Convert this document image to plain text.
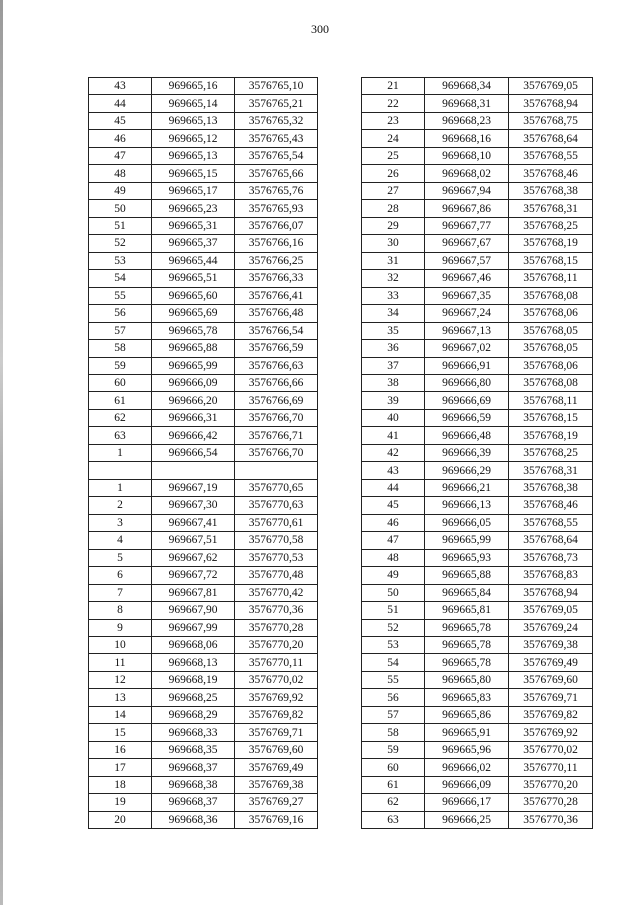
300
43	969665,16	3576765,10
44	969665,14	3576765,21
45	969665,13	3576765,32
46	969665,12	3576765,43
47	969665,13	3576765,54
48	969665,15	3576765,66
49	969665,17	3576765,76
50	969665,23	3576765,93
51	969665,31	3576766,07
52	969665,37	3576766,16
53	969665,44	3576766,25
54	969665,51	3576766,33
55	969665,60	3576766,41
56	969665,69	3576766,48
57	969665,78	3576766,54
58	969665,88	3576766,59
59	969665,99	3576766,63
60	969666,09	3576766,66
61	969666,20	3576766,69
62	969666,31	3576766,70
63	969666,42	3576766,71
1	969666,54	3576766,70

1	969667,19	3576770,65
2	969667,30	3576770,63
3	969667,41	3576770,61
4	969667,51	3576770,58
5	969667,62	3576770,53
6	969667,72	3576770,48
7	969667,81	3576770,42
8	969667,90	3576770,36
9	969667,99	3576770,28
10	969668,06	3576770,20
11	969668,13	3576770,11
12	969668,19	3576770,02
13	969668,25	3576769,92
14	969668,29	3576769,82
15	969668,33	3576769,71
16	969668,35	3576769,60
17	969668,37	3576769,49
18	969668,38	3576769,38
19	969668,37	3576769,27
20	969668,36	3576769,16
21	969668,34	3576769,05
22	969668,31	3576768,94
23	969668,23	3576768,75
24	969668,16	3576768,64
25	969668,10	3576768,55
26	969668,02	3576768,46
27	969667,94	3576768,38
28	969667,86	3576768,31
29	969667,77	3576768,25
30	969667,67	3576768,19
31	969667,57	3576768,15
32	969667,46	3576768,11
33	969667,35	3576768,08
34	969667,24	3576768,06
35	969667,13	3576768,05
36	969667,02	3576768,05
37	969666,91	3576768,06
38	969666,80	3576768,08
39	969666,69	3576768,11
40	969666,59	3576768,15
41	969666,48	3576768,19
42	969666,39	3576768,25
43	969666,29	3576768,31
44	969666,21	3576768,38
45	969666,13	3576768,46
46	969666,05	3576768,55
47	969665,99	3576768,64
48	969665,93	3576768,73
49	969665,88	3576768,83
50	969665,84	3576768,94
51	969665,81	3576769,05
52	969665,78	3576769,24
53	969665,78	3576769,38
54	969665,78	3576769,49
55	969665,80	3576769,60
56	969665,83	3576769,71
57	969665,86	3576769,82
58	969665,91	3576769,92
59	969665,96	3576770,02
60	969666,02	3576770,11
61	969666,09	3576770,20
62	969666,17	3576770,28
63	969666,25	3576770,36
